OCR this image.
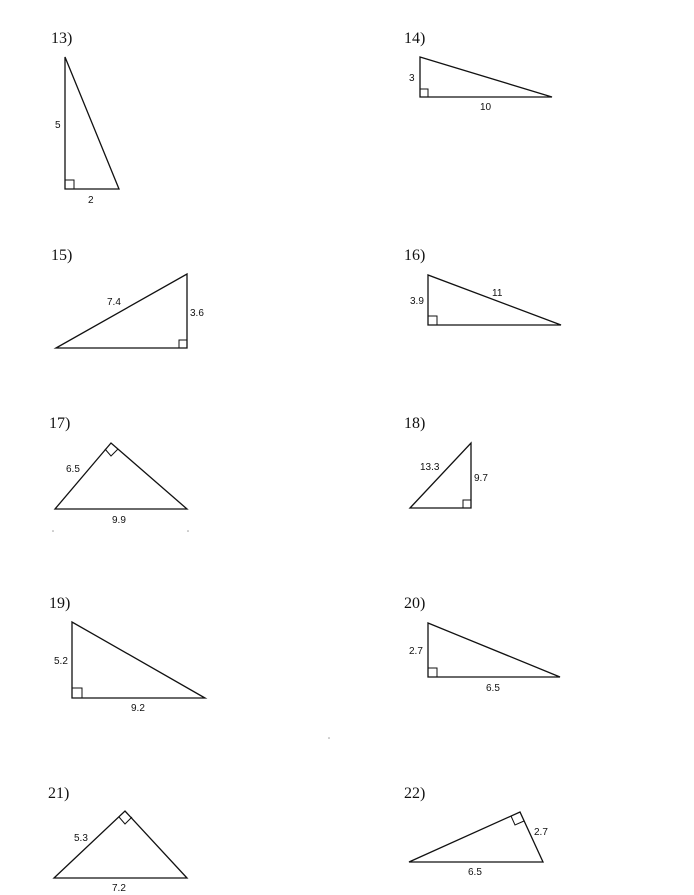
13)	14)
15)	16)
17)	18)
19)	20)
21)	22)
5
2
3
10
7.4
3.6
3.9
11
6.5
9.9
13.3
9.7
5.2
9.2
2.7
6.5
5.3
7.2
2.7
6.5
